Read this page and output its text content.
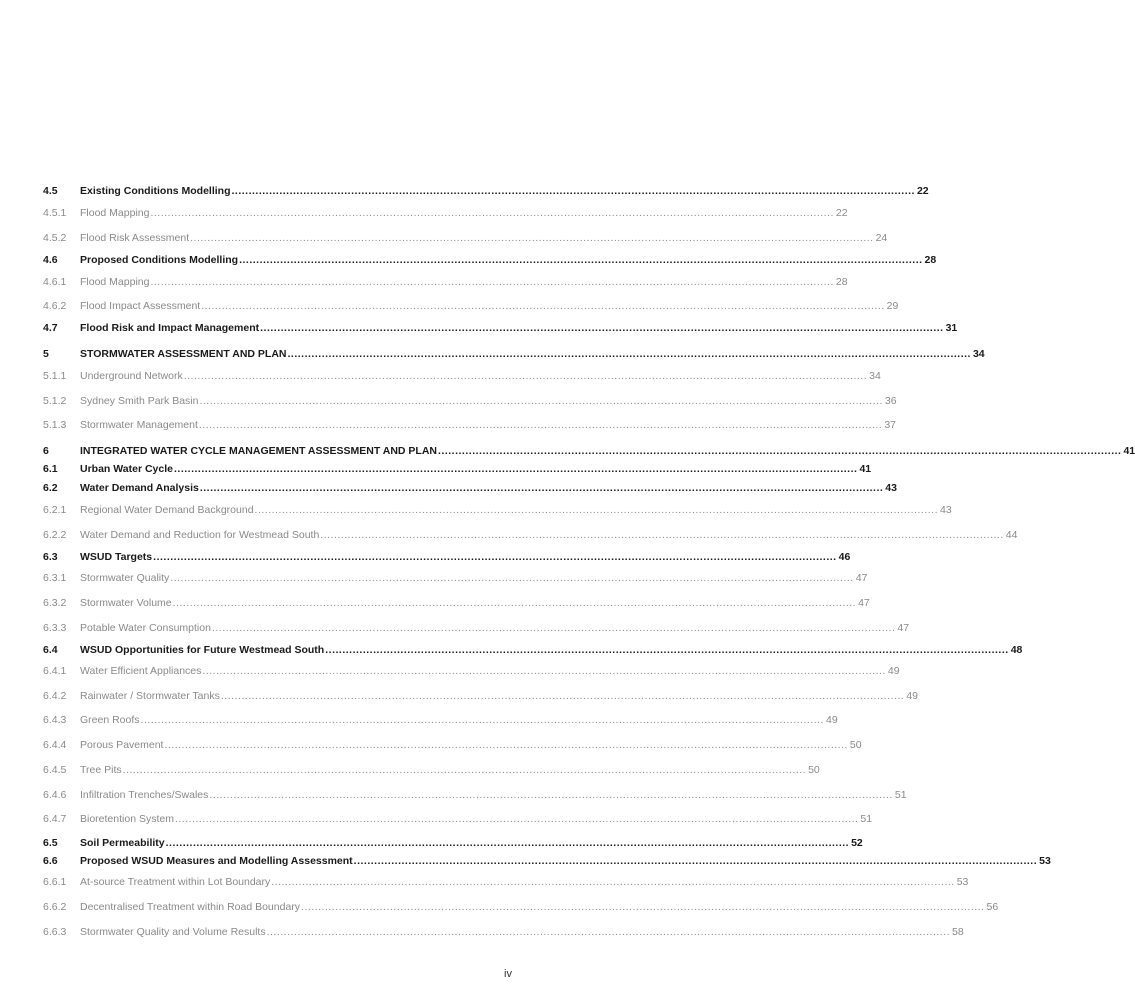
4.5	Existing Conditions Modelling ........................................................................................................................................................................................................ 22
4.5.1	Flood Mapping ........................................................................................................................................................................................................ 22
4.5.2	Flood Risk Assessment ........................................................................................................................................................................................................ 24
4.6	Proposed Conditions Modelling ........................................................................................................................................................................................................ 28
4.6.1	Flood Mapping ........................................................................................................................................................................................................ 28
4.6.2	Flood Impact Assessment ........................................................................................................................................................................................................ 29
4.7	Flood Risk and Impact Management ........................................................................................................................................................................................................ 31
5	STORMWATER ASSESSMENT AND PLAN ........................................................................................................................................................................................................ 34
5.1.1	Underground Network ........................................................................................................................................................................................................ 34
5.1.2	Sydney Smith Park Basin ........................................................................................................................................................................................................ 36
5.1.3	Stormwater Management ........................................................................................................................................................................................................ 37
6	INTEGRATED WATER CYCLE MANAGEMENT ASSESSMENT AND PLAN ........................................................................................................................................................................................................ 41
6.1	Urban Water Cycle ........................................................................................................................................................................................................ 41
6.2	Water Demand Analysis ........................................................................................................................................................................................................ 43
6.2.1	Regional Water Demand Background ........................................................................................................................................................................................................ 43
6.2.2	Water Demand and Reduction for Westmead South ........................................................................................................................................................................................................ 44
6.3	WSUD Targets ........................................................................................................................................................................................................ 46
6.3.1	Stormwater Quality ........................................................................................................................................................................................................ 47
6.3.2	Stormwater Volume ........................................................................................................................................................................................................ 47
6.3.3	Potable Water Consumption ........................................................................................................................................................................................................ 47
6.4	WSUD Opportunities for Future Westmead South ........................................................................................................................................................................................................ 48
6.4.1	Water Efficient Appliances ........................................................................................................................................................................................................ 49
6.4.2	Rainwater / Stormwater Tanks ........................................................................................................................................................................................................ 49
6.4.3	Green Roofs ........................................................................................................................................................................................................ 49
6.4.4	Porous Pavement ........................................................................................................................................................................................................ 50
6.4.5	Tree Pits ........................................................................................................................................................................................................ 50
6.4.6	Infiltration Trenches/Swales ........................................................................................................................................................................................................ 51
6.4.7	Bioretention System ........................................................................................................................................................................................................ 51
6.5	Soil Permeability ........................................................................................................................................................................................................ 52
6.6	Proposed WSUD Measures and Modelling Assessment ........................................................................................................................................................................................................ 53
6.6.1	At-source Treatment within Lot Boundary ........................................................................................................................................................................................................ 53
6.6.2	Decentralised Treatment within Road Boundary ........................................................................................................................................................................................................ 56
6.6.3	Stormwater Quality and Volume Results ........................................................................................................................................................................................................ 58
iv
